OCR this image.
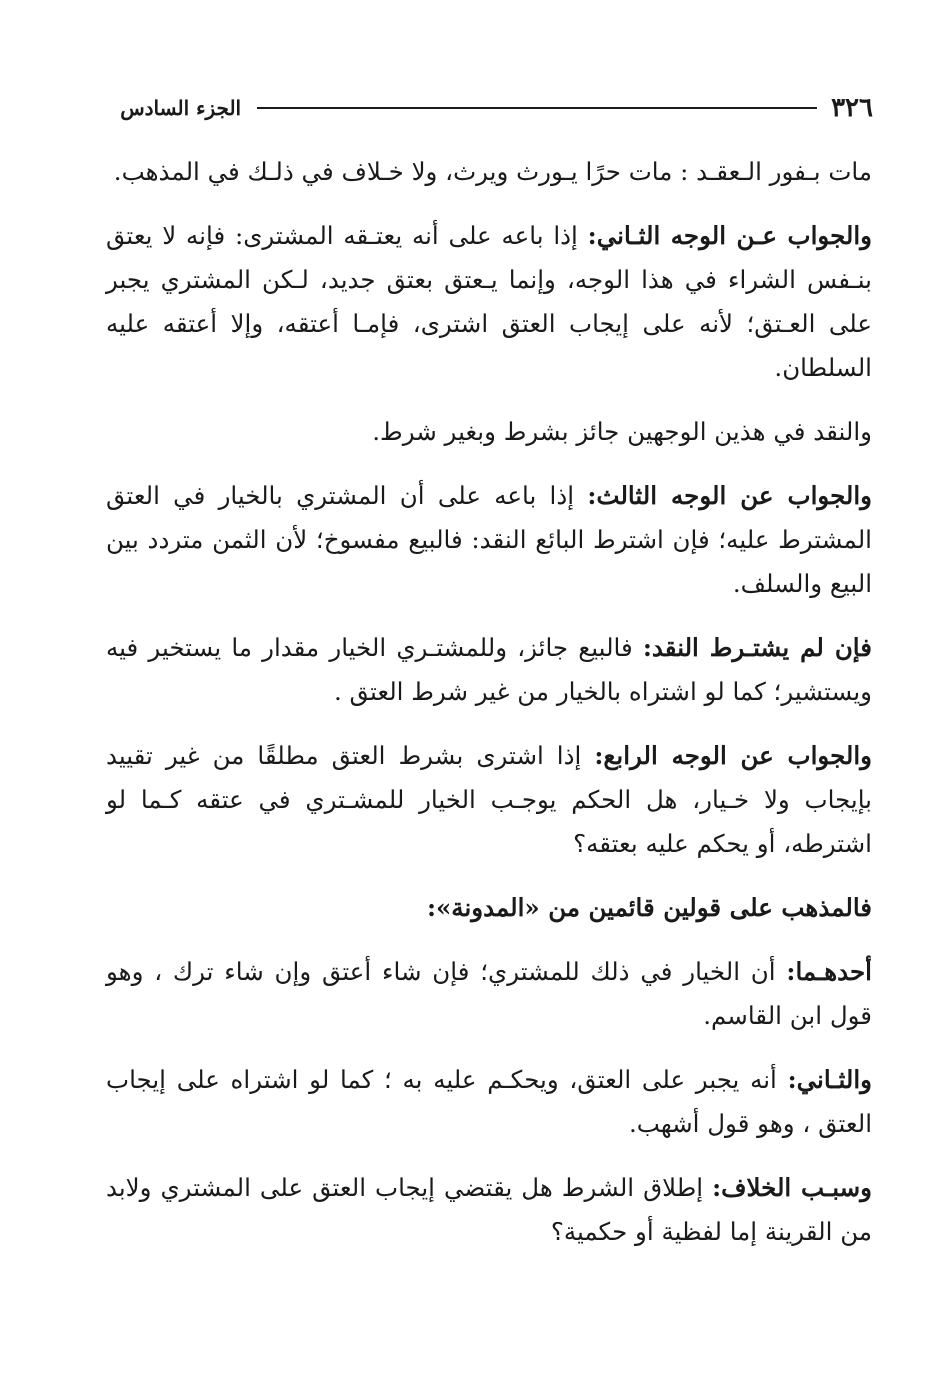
٣٢٦
الجزء السادس

مات بـفور الـعقـد : مات حرًا يـورث ويرث، ولا خـلاف في ذلـك في المذهب.

والجواب عـن الوجه الثـاني: إذا باعه على أنه يعتـقه المشترى: فإنه لا يعتق بنـفس الشراء في هذا الوجه، وإنما يـعتق بعتق جديد، لـكن المشتري يجبر على العـتق؛ لأنه على إيجاب العتق اشترى، فإمـا أعتقه، وإلا أعتقه عليه السلطان.

والنقد في هذين الوجهين جائز بشرط وبغير شرط.

والجواب عن الوجه الثالث: إذا باعه على أن المشتري بالخيار في العتق المشترط عليه؛ فإن اشترط البائع النقد: فالبيع مفسوخ؛ لأن الثمن متردد بين البيع والسلف.

فإن لم يشتـرط النقد: فالبيع جائز، وللمشتـري الخيار مقدار ما يستخير فيه ويستشير؛ كما لو اشتراه بالخيار من غير شرط العتق .

والجواب عن الوجه الرابع: إذا اشترى بشرط العتق مطلقًا من غير تقييد بإيجاب ولا خـيار، هل الحكم يوجـب الخيار للمشـتري في عتقه كـما لو اشترطه، أو يحكم عليه بعتقه؟

فالمذهب على قولين قائمين من «المدونة»:

أحدهـما: أن الخيار في ذلك للمشتري؛ فإن شاء أعتق وإن شاء ترك ، وهو قول ابن القاسم.

والثـاني: أنه يجبر على العتق، ويحكـم عليه به ؛ كما لو اشتراه على إيجاب العتق ، وهو قول أشهب.

وسبـب الخلاف: إطلاق الشرط هل يقتضي إيجاب العتق على المشتري ولابد من القرينة إما لفظية أو حكمية؟
